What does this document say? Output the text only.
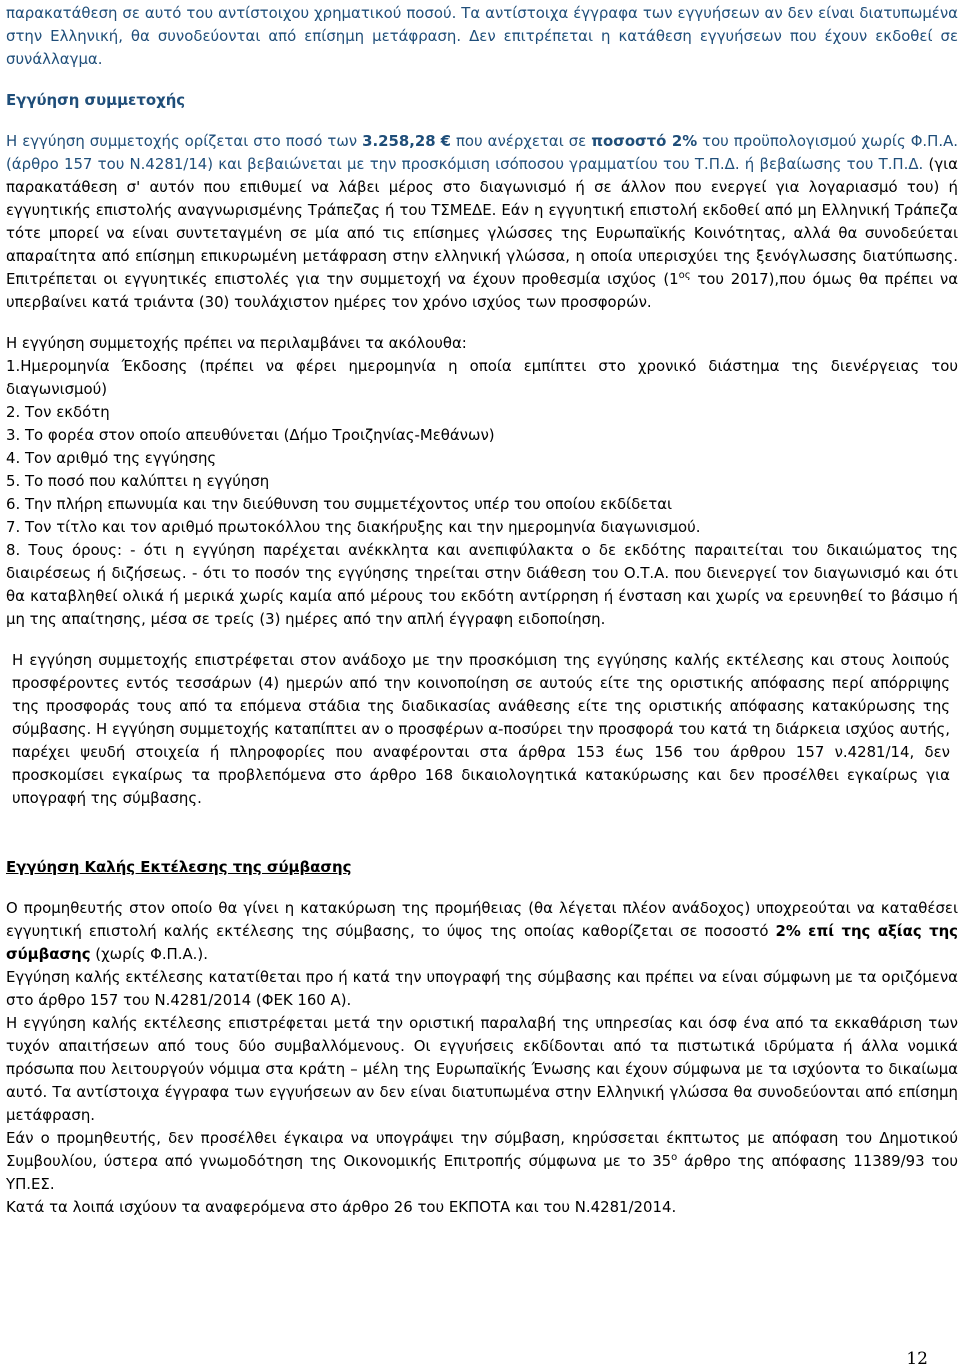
παρακατάθεση σε αυτό του αντίστοιχου χρηματικού ποσού. Τα αντίστοιχα έγγραφα των εγγυήσεων αν δεν είναι διατυπωμένα στην Ελληνική, θα συνοδεύονται από επίσημη μετάφραση. Δεν επιτρέπεται η κατάθεση εγγυήσεων που έχουν εκδοθεί σε συνάλλαγμα.

Εγγύηση συμμετοχής

Η εγγύηση συμμετοχής ορίζεται στο ποσό των 3.258,28 € που ανέρχεται σε ποσοστό 2% του προϋπολογισμού χωρίς Φ.Π.Α. (άρθρο 157 του Ν.4281/14) και βεβαιώνεται με την προσκόμιση ισόποσου γραμματίου του Τ.Π.Δ. ή βεβαίωσης του Τ.Π.Δ. (για παρακατάθεση σ' αυτόν που επιθυμεί να λάβει μέρος στο διαγωνισμό ή σε άλλον που ενεργεί για λογαριασμό του) ή εγγυητικής επιστολής αναγνωρισμένης Τράπεζας ή του ΤΣΜΕΔΕ. Εάν η εγγυητική επιστολή εκδοθεί από μη Ελληνική Τράπεζα τότε μπορεί να είναι συντεταγμένη σε μία από τις επίσημες γλώσσες της Ευρωπαϊκής Κοινότητας, αλλά θα συνοδεύεται απαραίτητα από επίσημη επικυρωμένη μετάφραση στην ελληνική γλώσσα, η οποία υπερισχύει της ξενόγλωσσης διατύπωσης. Επιτρέπεται οι εγγυητικές επιστολές για την συμμετοχή να έχουν προθεσμία ισχύος ($1^{o\varsigma}$ του 2017),που όμως θα πρέπει να υπερβαίνει κατά τριάντα (30) τουλάχιστον ημέρες τον χρόνο ισχύος των προσφορών.

Η εγγύηση συμμετοχής πρέπει να περιλαμβάνει τα ακόλουθα:

1.Ημερομηνία Έκδοσης (πρέπει να φέρει ημερομηνία η οποία εμπίπτει στο χρονικό διάστημα της διενέργειας του διαγωνισμού)

2. Τον εκδότη

3. Το φορέα στον οποίο απευθύνεται (Δήμο Τροιζηνίας-Μεθάνων)

4. Τον αριθμό της εγγύησης

5. Το ποσό που καλύπτει η εγγύηση

6. Την πλήρη επωνυμία και την διεύθυνση του συμμετέχοντος υπέρ του οποίου εκδίδεται

7. Τον τίτλο και τον αριθμό πρωτοκόλλου της διακήρυξης και την ημερομηνία διαγωνισμού.

8. Τους όρους: - ότι η εγγύηση παρέχεται ανέκκλητα και ανεπιφύλακτα ο δε εκδότης παραιτείται του δικαιώματος της διαιρέσεως ή διζήσεως. - ότι το ποσόν της εγγύησης τηρείται στην διάθεση του Ο.Τ.Α. που διενεργεί τον διαγωνισμό και ότι θα καταβληθεί ολικά ή μερικά χωρίς καμία από μέρους του εκδότη αντίρρηση ή ένσταση και χωρίς να ερευνηθεί το βάσιμο ή μη της απαίτησης, μέσα σε τρείς (3) ημέρες από την απλή έγγραφη ειδοποίηση.

Η εγγύηση συμμετοχής επιστρέφεται στον ανάδοχο με την προσκόμιση της εγγύησης καλής εκτέλεσης και στους λοιπούς προσφέροντες εντός τεσσάρων (4) ημερών από την κοινοποίηση σε αυτούς είτε της οριστικής απόφασης περί απόρριψης της προσφοράς τους από τα επόμενα στάδια της διαδικασίας ανάθεσης είτε της οριστικής απόφασης κατακύρωσης της σύμβασης. Η εγγύηση συμμετοχής καταπίπτει αν ο προσφέρων α-ποσύρει την προσφορά του κατά τη διάρκεια ισχύος αυτής, παρέχει ψευδή στοιχεία ή πληροφορίες που αναφέρονται στα άρθρα 153 έως 156 του άρθρου 157 ν.4281/14, δεν προσκομίσει εγκαίρως τα προβλεπόμενα στο άρθρο 168 δικαιολογητικά κατακύρωσης και δεν προσέλθει εγκαίρως για υπογραφή της σύμβασης.

Εγγύηση Καλής Εκτέλεσης της σύμβασης

Ο προμηθευτής στον οποίο θα γίνει η κατακύρωση της προμήθειας (θα λέγεται πλέον ανάδοχος) υποχρεούται να καταθέσει εγγυητική επιστολή καλής εκτέλεσης της σύμβασης, το ύψος της οποίας καθορίζεται σε ποσοστό 2% επί της αξίας της σύμβασης (χωρίς Φ.Π.Α.).

Εγγύηση καλής εκτέλεσης κατατίθεται προ ή κατά την υπογραφή της σύμβασης και πρέπει να είναι σύμφωνη με τα οριζόμενα στο άρθρο 157 του Ν.4281/2014 (ΦΕΚ 160 Α).

Η εγγύηση καλής εκτέλεσης επιστρέφεται μετά την οριστική παραλαβή της υπηρεσίας και όσφ ένα από τα εκκαθάριση των τυχόν απαιτήσεων από τους δύο συμβαλλόμενους. Οι εγγυήσεις εκδίδονται από τα πιστωτικά ιδρύματα ή άλλα νομικά πρόσωπα που λειτουργούν νόμιμα στα κράτη – μέλη της Ευρωπαϊκής Ένωσης και έχουν σύμφωνα με τα ισχύοντα το δικαίωμα αυτό. Τα αντίστοιχα έγγραφα των εγγυήσεων αν δεν είναι διατυπωμένα στην Ελληνική γλώσσα θα συνοδεύονται από επίσημη μετάφραση.

Εάν ο προμηθευτής, δεν προσέλθει έγκαιρα να υπογράψει την σύμβαση, κηρύσσεται έκπτωτος με απόφαση του Δημοτικού Συμβουλίου, ύστερα από γνωμοδότηση της Οικονομικής Επιτροπής σύμφωνα με το $35^o$ άρθρο της απόφασης 11389/93 του ΥΠ.ΕΣ.

Κατά τα λοιπά ισχύουν τα αναφερόμενα στο άρθρο 26 του ΕΚΠΟΤΑ και του Ν.4281/2014.

12
